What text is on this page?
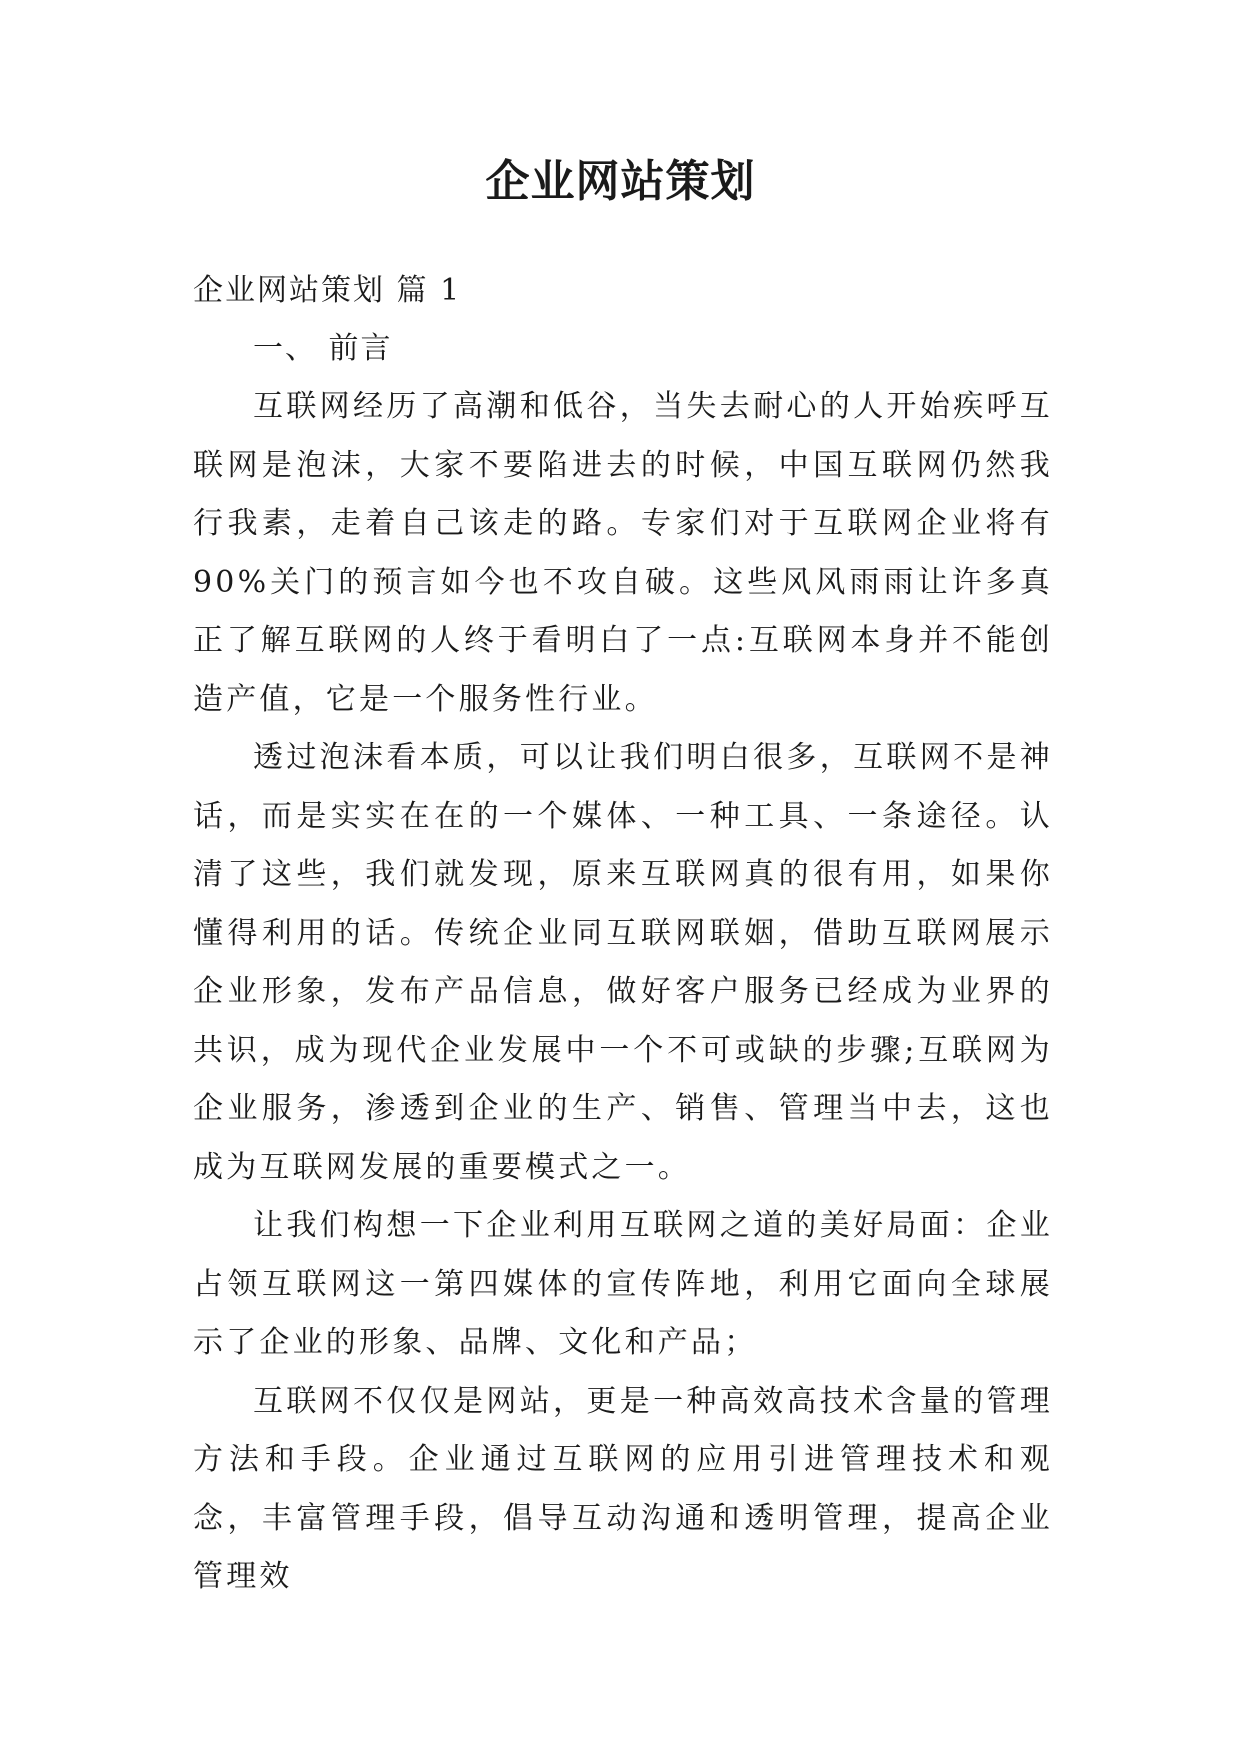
企业网站策划

企业网站策划 篇 1

一、 前言

互联网经历了高潮和低谷，当失去耐心的人开始疾呼互联网是泡沫，大家不要陷进去的时候，中国互联网仍然我行我素，走着自己该走的路。专家们对于互联网企业将有 90%关门的预言如今也不攻自破。这些风风雨雨让许多真正了解互联网的人终于看明白了一点:互联网本身并不能创造产值，它是一个服务性行业。

透过泡沫看本质，可以让我们明白很多，互联网不是神话，而是实实在在的一个媒体、一种工具、一条途径。认清了这些，我们就发现，原来互联网真的很有用，如果你懂得利用的话。传统企业同互联网联姻，借助互联网展示企业形象，发布产品信息，做好客户服务已经成为业界的共识，成为现代企业发展中一个不可或缺的步骤;互联网为企业服务，渗透到企业的生产、销售、管理当中去，这也成为互联网发展的重要模式之一。

让我们构想一下企业利用互联网之道的美好局面：企业占领互联网这一第四媒体的宣传阵地，利用它面向全球展示了企业的形象、品牌、文化和产品；

互联网不仅仅是网站，更是一种高效高技术含量的管理方法和手段。企业通过互联网的应用引进管理技术和观念，丰富管理手段，倡导互动沟通和透明管理，提高企业管理效
